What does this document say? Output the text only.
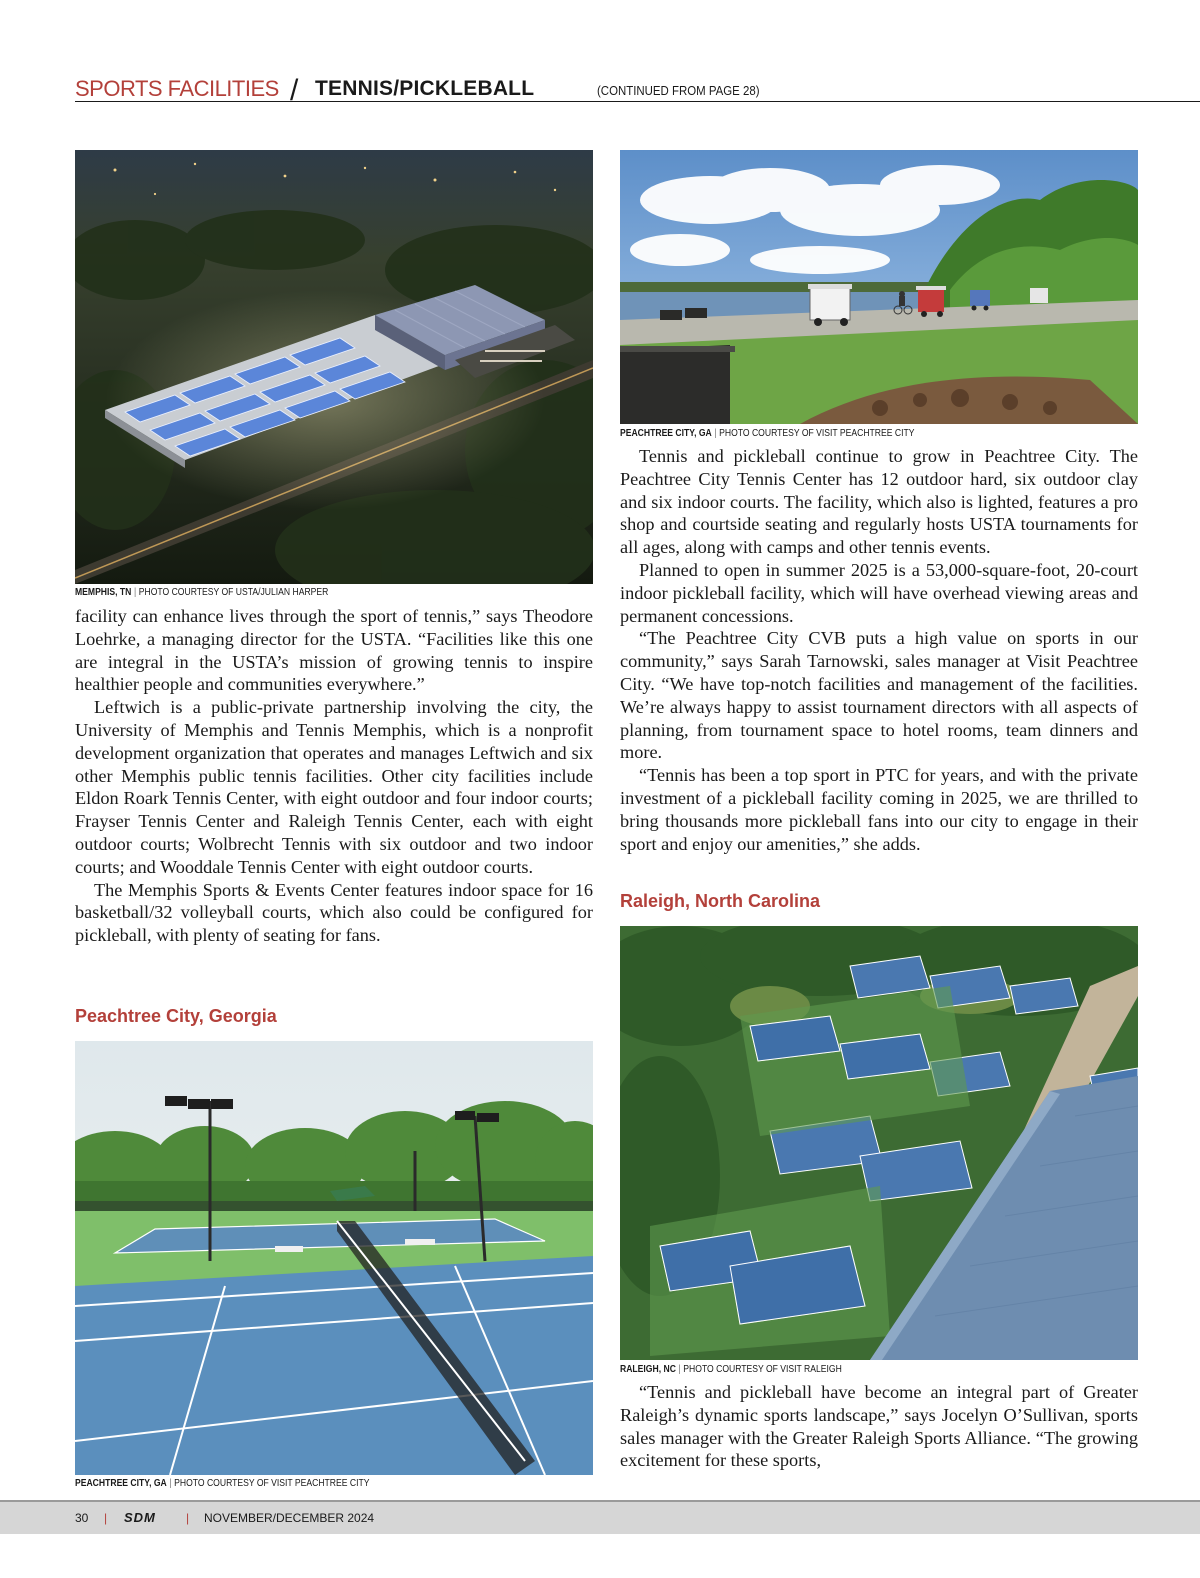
SPORTS FACILITIES / TENNIS/PICKLEBALL	(CONTINUED FROM PAGE 28)
MEMPHIS, TN | PHOTO COURTESY OF USTA/JULIAN HARPER
PEACHTREE CITY, GA | PHOTO COURTESY OF VISIT PEACHTREE CITY

facility can enhance lives through the sport of tennis,” says Theodore Loehrke, a managing director for the USTA. “Facilities like this one are integral in the USTA’s mission of growing tennis to inspire healthier people and communities everywhere.”

Leftwich is a public-private partnership involving the city, the University of Memphis and Tennis Memphis, which is a nonprofit development organization that operates and manages Leftwich and six other Memphis public tennis facilities. Other city facilities include Eldon Roark Tennis Center, with eight outdoor and four indoor courts; Frayser Tennis Center and Raleigh Tennis Center, each with eight outdoor courts; Wolbrecht Tennis with six outdoor and two indoor courts; and Wooddale Tennis Center with eight outdoor courts.

The Memphis Sports & Events Center features indoor space for 16 basketball/32 volleyball courts, which also could be configured for pickleball, with plenty of seating for fans.

Peachtree City, Georgia
PEACHTREE CITY, GA | PHOTO COURTESY OF VISIT PEACHTREE CITY

Tennis and pickleball continue to grow in Peachtree City. The Peachtree City Tennis Center has 12 outdoor hard, six outdoor clay and six indoor courts. The facility, which also is lighted, features a pro shop and courtside seating and regularly hosts USTA tournaments for all ages, along with camps and other tennis events.

Planned to open in summer 2025 is a 53,000-square-foot, 20-court indoor pickleball facility, which will have overhead viewing areas and permanent concessions.

“The Peachtree City CVB puts a high value on sports in our community,” says Sarah Tarnowski, sales manager at Visit Peachtree City. “We have top-notch facilities and management of the facilities. We’re always happy to assist tournament directors with all aspects of planning, from tournament space to hotel rooms, team dinners and more.

“Tennis has been a top sport in PTC for years, and with the private investment of a pickleball facility coming in 2025, we are thrilled to bring thousands more pickleball fans into our city to engage in their sport and enjoy our amenities,” she adds.

Raleigh, North Carolina
RALEIGH, NC | PHOTO COURTESY OF VISIT RALEIGH

“Tennis and pickleball have become an integral part of Greater Raleigh’s dynamic sports landscape,” says Jocelyn O’Sullivan, sports sales manager with the Greater Raleigh Sports Alliance. “The growing excitement for these sports,

30 | SDM	| NOVEMBER/DECEMBER 2024
